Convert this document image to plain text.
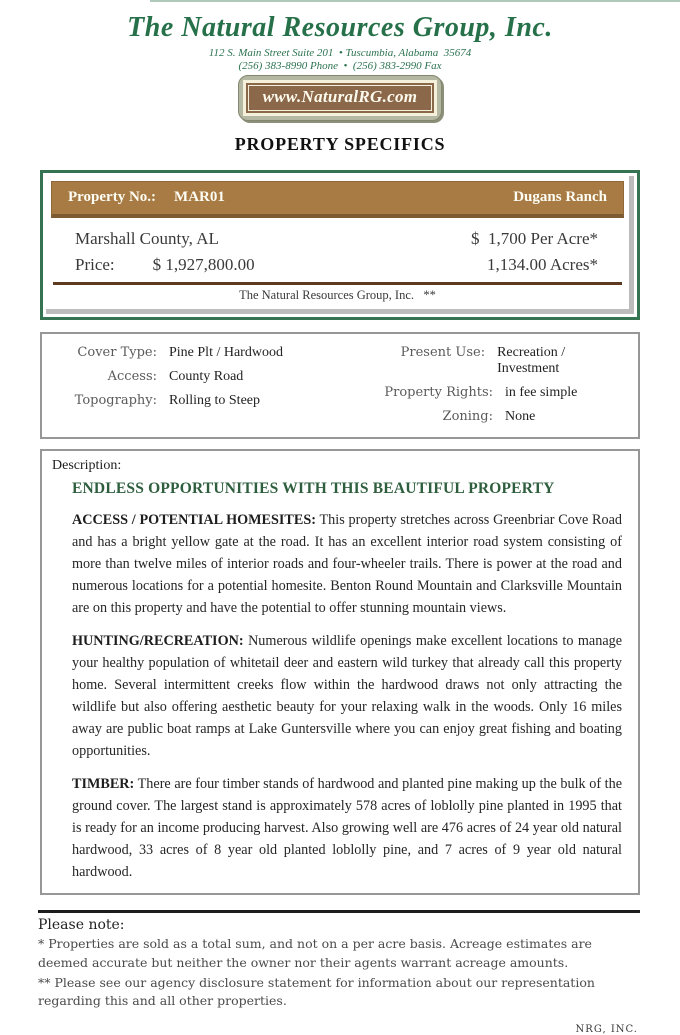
The Natural Resources Group, Inc.
112 S. Main Street Suite 201  • Tuscumbia, Alabama  35674
(256) 383-8990 Phone  •  (256) 383-2990 Fax
www.NaturalRG.com
PROPERTY SPECIFICS
Property No.: MAR01	Dugans Ranch
Marshall County, AL	$  1,700 Per Acre*
Price: $ 1,927,800.00	1,134.00 Acres*
The Natural Resources Group, Inc.   **
Cover Type: Pine Plt / Hardwood
Access: County Road
Topography: Rolling to Steep
Present Use: Recreation / Investment
Property Rights: in fee simple
Zoning: None
Description:
ENDLESS OPPORTUNITIES WITH THIS BEAUTIFUL PROPERTY

ACCESS / POTENTIAL HOMESITES: This property stretches across Greenbriar Cove Road and has a bright yellow gate at the road. It has an excellent interior road system consisting of more than twelve miles of interior roads and four-wheeler trails. There is power at the road and numerous locations for a potential homesite. Benton Round Mountain and Clarksville Mountain are on this property and have the potential to offer stunning mountain views.

HUNTING/RECREATION: Numerous wildlife openings make excellent locations to manage your healthy population of whitetail deer and eastern wild turkey that already call this property home. Several intermittent creeks flow within the hardwood draws not only attracting the wildlife but also offering aesthetic beauty for your relaxing walk in the woods. Only 16 miles away are public boat ramps at Lake Guntersville where you can enjoy great fishing and boating opportunities.

TIMBER: There are four timber stands of hardwood and planted pine making up the bulk of the ground cover. The largest stand is approximately 578 acres of loblolly pine planted in 1995 that is ready for an income producing harvest. Also growing well are 476 acres of 24 year old natural hardwood, 33 acres of 8 year old planted loblolly pine, and 7 acres of 9 year old natural hardwood.

Please note:
* Properties are sold as a total sum, and not on a per acre basis. Acreage estimates are deemed accurate but neither the owner nor their agents warrant acreage amounts.
** Please see our agency disclosure statement for information about our representation regarding this and all other properties.
NRG, INC.
